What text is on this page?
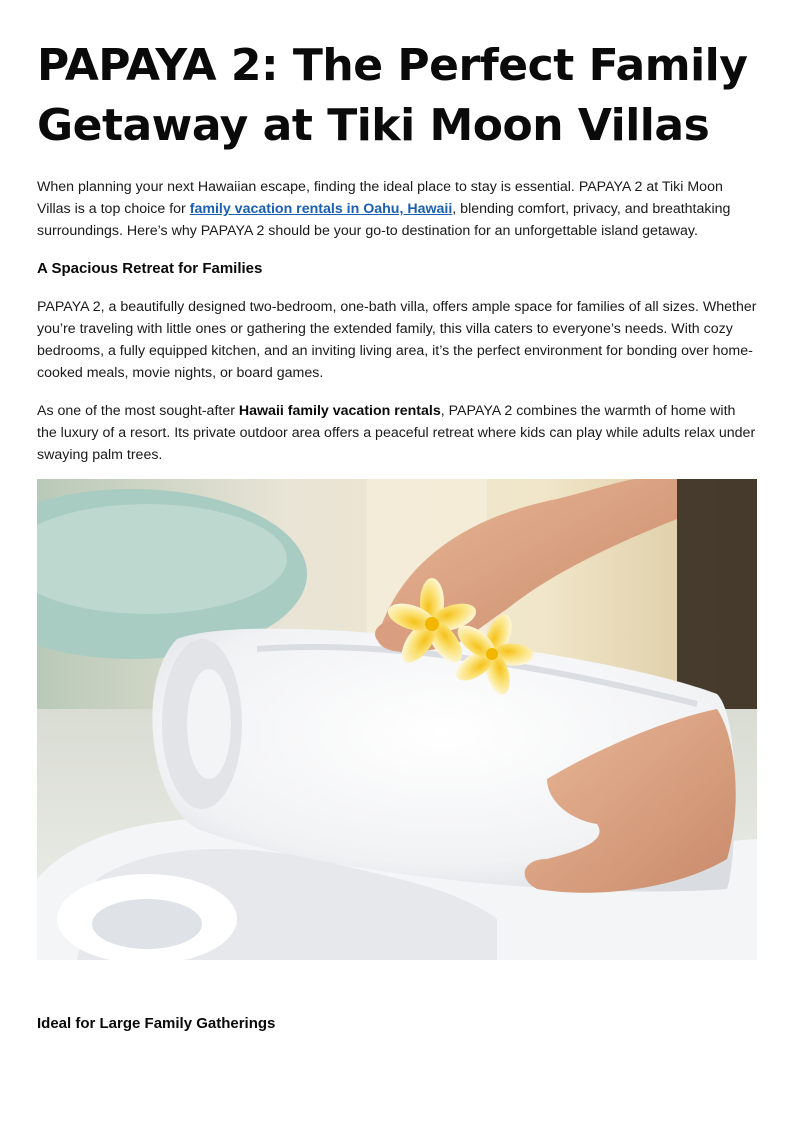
PAPAYA 2: The Perfect Family Getaway at Tiki Moon Villas

When planning your next Hawaiian escape, finding the ideal place to stay is essential. PAPAYA 2 at Tiki Moon Villas is a top choice for family vacation rentals in Oahu, Hawaii, blending comfort, privacy, and breathtaking surroundings. Here’s why PAPAYA 2 should be your go-to destination for an unforgettable island getaway.

A Spacious Retreat for Families

PAPAYA 2, a beautifully designed two-bedroom, one-bath villa, offers ample space for families of all sizes. Whether you’re traveling with little ones or gathering the extended family, this villa caters to everyone’s needs. With cozy bedrooms, a fully equipped kitchen, and an inviting living area, it’s the perfect environment for bonding over home-cooked meals, movie nights, or board games.

As one of the most sought-after Hawaii family vacation rentals, PAPAYA 2 combines the warmth of home with the luxury of a resort. Its private outdoor area offers a peaceful retreat where kids can play while adults relax under swaying palm trees.

Ideal for Large Family Gatherings
